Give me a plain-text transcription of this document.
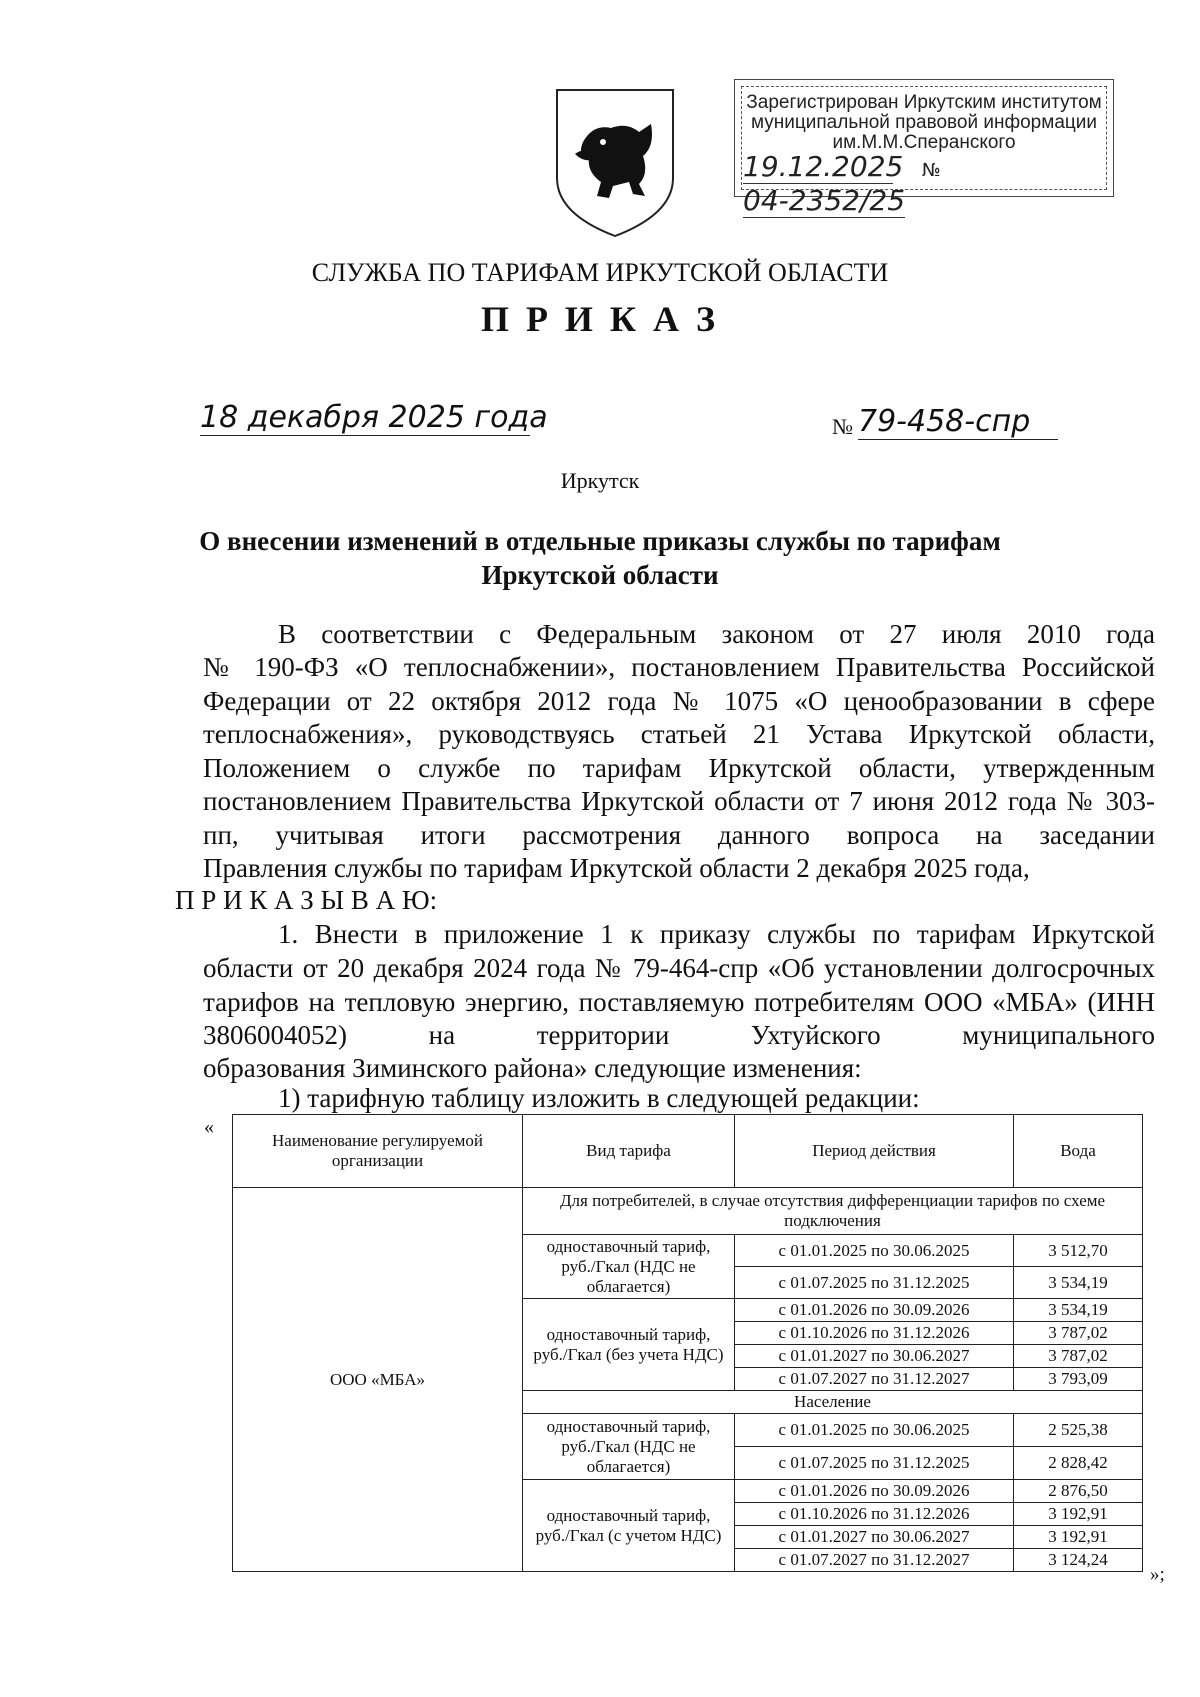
Зарегистрирован Иркутским институтом
муниципальной правовой информации
им.М.М.Сперанского
19.12.2025 № 04-2352/25
СЛУЖБА ПО ТАРИФАМ ИРКУТСКОЙ ОБЛАСТИ
П Р И К А З
18 декабря 2025 года	№ 79-458-спр
Иркутск
О внесении изменений в отдельные приказы службы по тарифам
Иркутской области
В соответствии с Федеральным законом от 27 июля 2010 года
№ 190-ФЗ «О теплоснабжении», постановлением Правительства Российской Федерации от 22 октября 2012 года № 1075 «О ценообразовании в сфере теплоснабжения», руководствуясь статьей 21 Устава Иркутской области, Положением о службе по тарифам Иркутской области, утвержденным постановлением Правительства Иркутской области от 7 июня 2012 года № 303-пп, учитывая итоги рассмотрения данного вопроса на заседании
Правления службы по тарифам Иркутской области 2 декабря 2025 года,
П Р И К А З Ы В А Ю:
1. Внести в приложение 1 к приказу службы по тарифам Иркутской
области от 20 декабря 2024 года № 79-464-спр «Об установлении долгосрочных тарифов на тепловую энергию, поставляемую потребителям ООО «МБА» (ИНН 3806004052) на территории Ухтуйского муниципального
образования Зиминского района» следующие изменения:
1) тарифную таблицу изложить в следующей редакции:
«
»;
Наименование регулируемой организации	Вид тарифа	Период действия	Вода
ООО «МБА»	Для потребителей, в случае отсутствия дифференциации тарифов по схеме подключения		
	одноставочный тариф, руб./Гкал (НДС не облагается)	с 01.01.2025 по 30.06.2025	3 512,70
		с 01.07.2025 по 31.12.2025	3 534,19
	одноставочный тариф, руб./Гкал (без учета НДС)	с 01.01.2026 по 30.09.2026	3 534,19
		с 01.10.2026 по 31.12.2026	3 787,02
		с 01.01.2027 по 30.06.2027	3 787,02
		с 01.07.2027 по 31.12.2027	3 793,09
	Население		
	одноставочный тариф, руб./Гкал (НДС не облагается)	с 01.01.2025 по 30.06.2025	2 525,38
		с 01.07.2025 по 31.12.2025	2 828,42
	одноставочный тариф, руб./Гкал (с учетом НДС)	с 01.01.2026 по 30.09.2026	2 876,50
		с 01.10.2026 по 31.12.2026	3 192,91
		с 01.01.2027 по 30.06.2027	3 192,91
		с 01.07.2027 по 31.12.2027	3 124,24
